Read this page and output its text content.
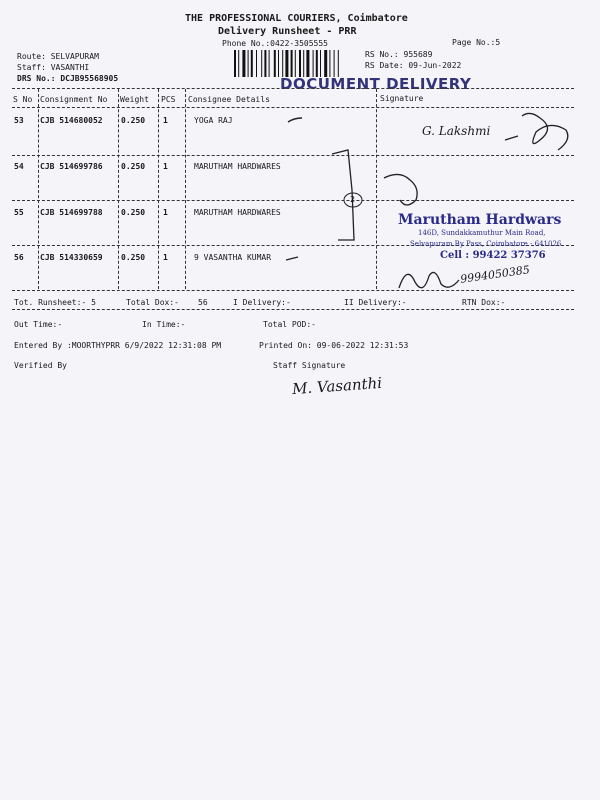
THE PROFESSIONAL COURIERS, Coimbatore
Delivery Runsheet - PRR
Phone No.:0422-3505555	Page No.:5
Route: SELVAPURAM
Staff: VASANTHI
DRS No.: DCJB95568905
RS No.: 955689
RS Date: 09-Jun-2022
DOCUMENT DELIVERY
S No Consignment No Weight PCS Consignee Details	Signature
53 CJB 514680052 0.250 1	YOGA RAJ
54 CJB 514699786 0.250 1	MARUTHAM HARDWARES
55 CJB 514699788 0.250 1	MARUTHAM HARDWARES
56 CJB 514330659 0.250 1	9 VASANTHA KUMAR
2
G. Lakshmi
Marutham Hardwars
146D, Sundakkamuthur Main Road,
Selvapuram By Pass, Coimbatore - 641026.
Cell : 99422 37376
9994050385
Tot. Runsheet:- 5	Total Dox:- 56	I Delivery:-	II Delivery:-	RTN Dox:-
Out Time:-	In Time:-	Total POD:-
Entered By :MOORTHYPRR 6/9/2022 12:31:08 PM	Printed On: 09-06-2022 12:31:53
Verified By	Staff Signature
M. Vasanthi
